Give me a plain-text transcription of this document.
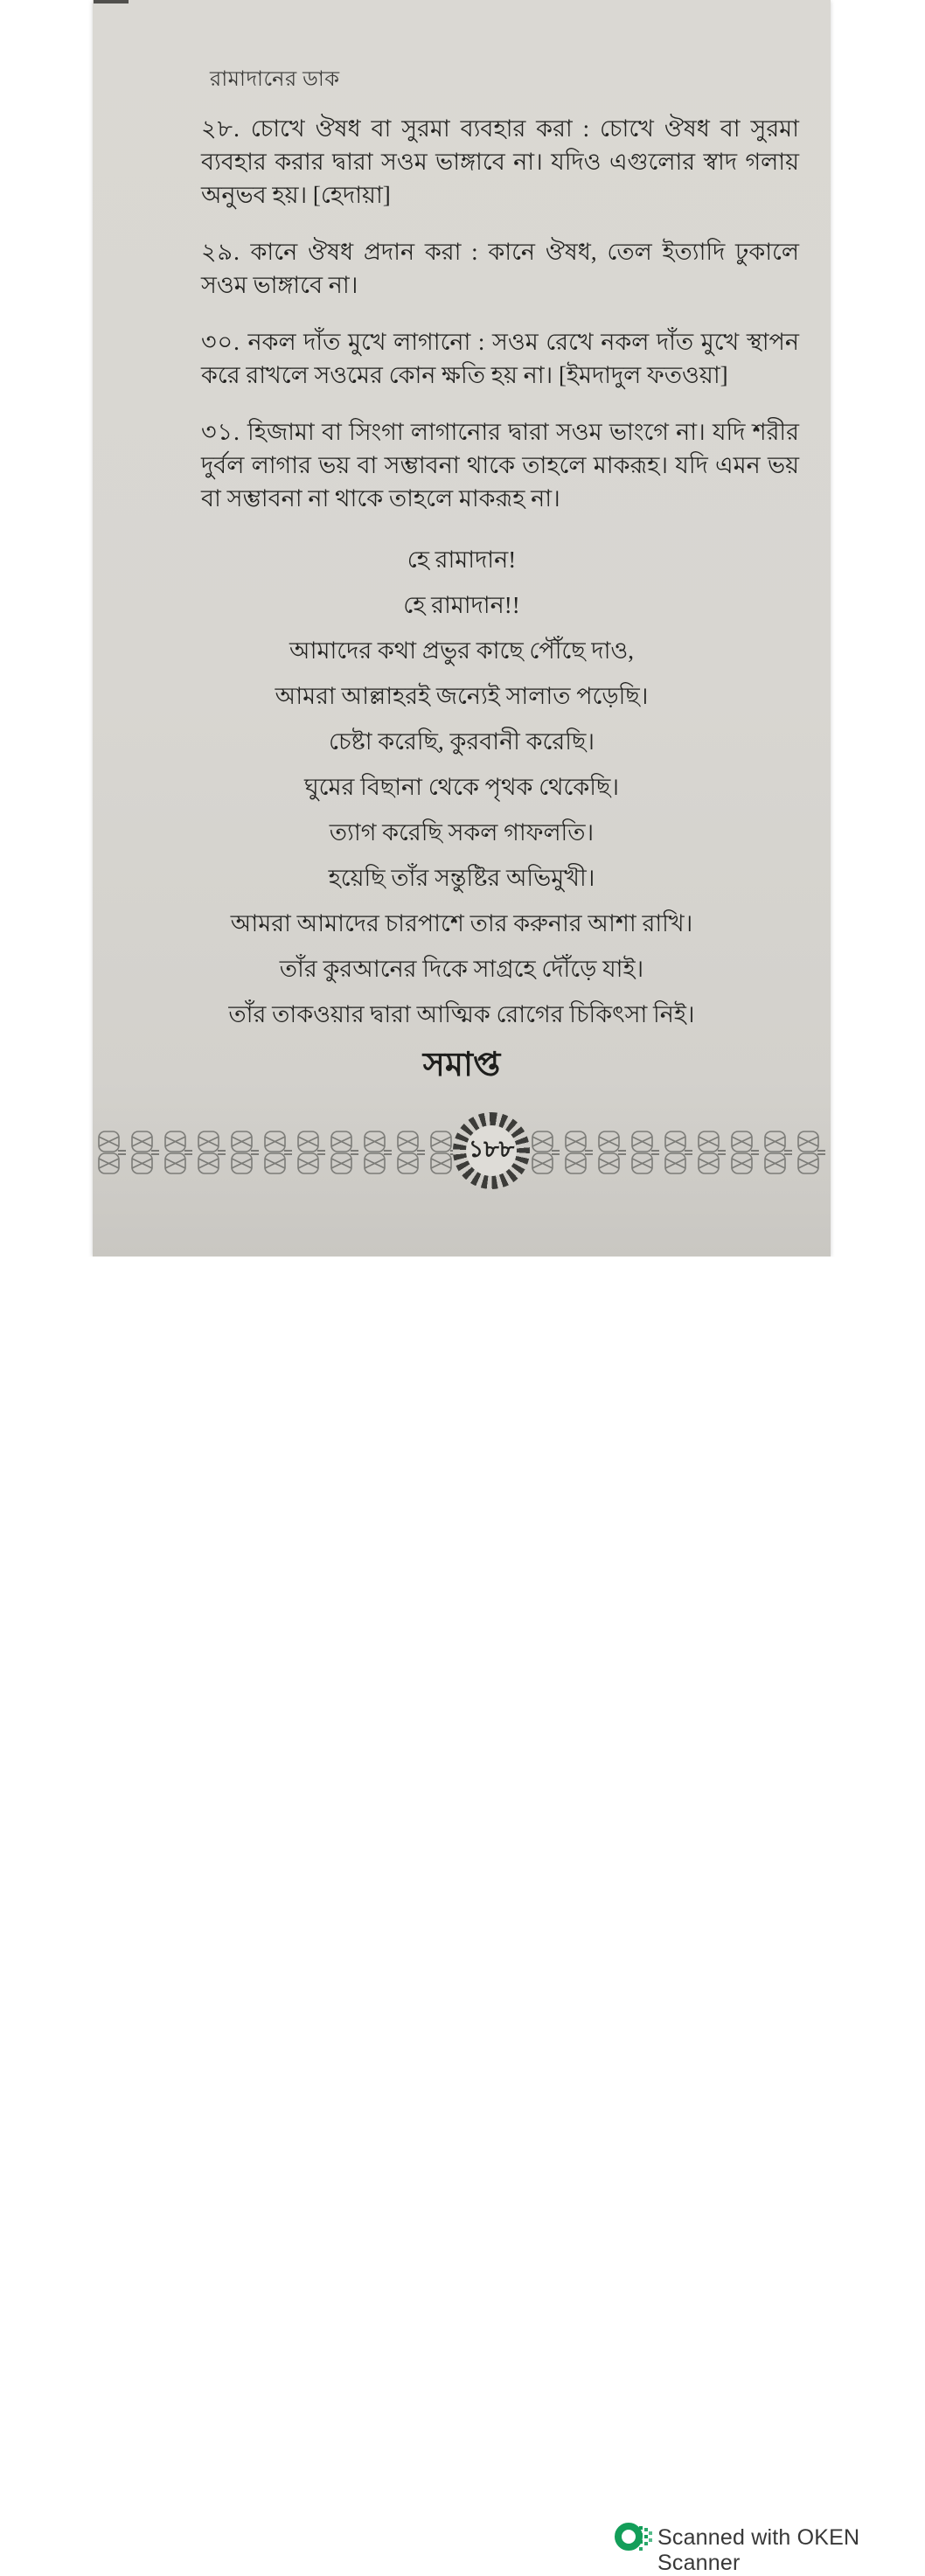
রামাদানের ডাক

২৮. চোখে ঔষধ বা সুরমা ব্যবহার করা : চোখে ঔষধ বা সুরমা ব্যবহার করার দ্বারা সওম ভাঙ্গাবে না। যদিও এগুলোর স্বাদ গলায় অনুভব হয়। [হেদায়া]

২৯. কানে ঔষধ প্রদান করা : কানে ঔষধ, তেল ইত্যাদি ঢুকালে সওম ভাঙ্গাবে না।

৩০. নকল দাঁত মুখে লাগানো : সওম রেখে নকল দাঁত মুখে স্থাপন করে রাখলে সওমের কোন ক্ষতি হয় না। [ইমদাদুল ফতওয়া]

৩১. হিজামা বা সিংগা লাগানোর দ্বারা সওম ভাংগে না। যদি শরীর দুর্বল লাগার ভয় বা সম্ভাবনা থাকে তাহলে মাকরূহ। যদি এমন ভয় বা সম্ভাবনা না থাকে তাহলে মাকরূহ না।

হে রামাদান!
হে রামাদান!!
আমাদের কথা প্রভুর কাছে পৌঁছে দাও,
আমরা আল্লাহরই জন্যেই সালাত পড়েছি।
চেষ্টা করেছি, কুরবানী করেছি।
ঘুমের বিছানা থেকে পৃথক থেকেছি।
ত্যাগ করেছি সকল গাফলতি।
হয়েছি তাঁর সন্তুষ্টির অভিমুখী।
আমরা আমাদের চারপাশে তার করুনার আশা রাখি।
তাঁর কুরআনের দিকে সাগ্রহে দৌঁড়ে যাই।
তাঁর তাকওয়ার দ্বারা আত্মিক রোগের চিকিৎসা নিই।
সমাপ্ত
১৮৮
Scanned with OKEN Scanner
